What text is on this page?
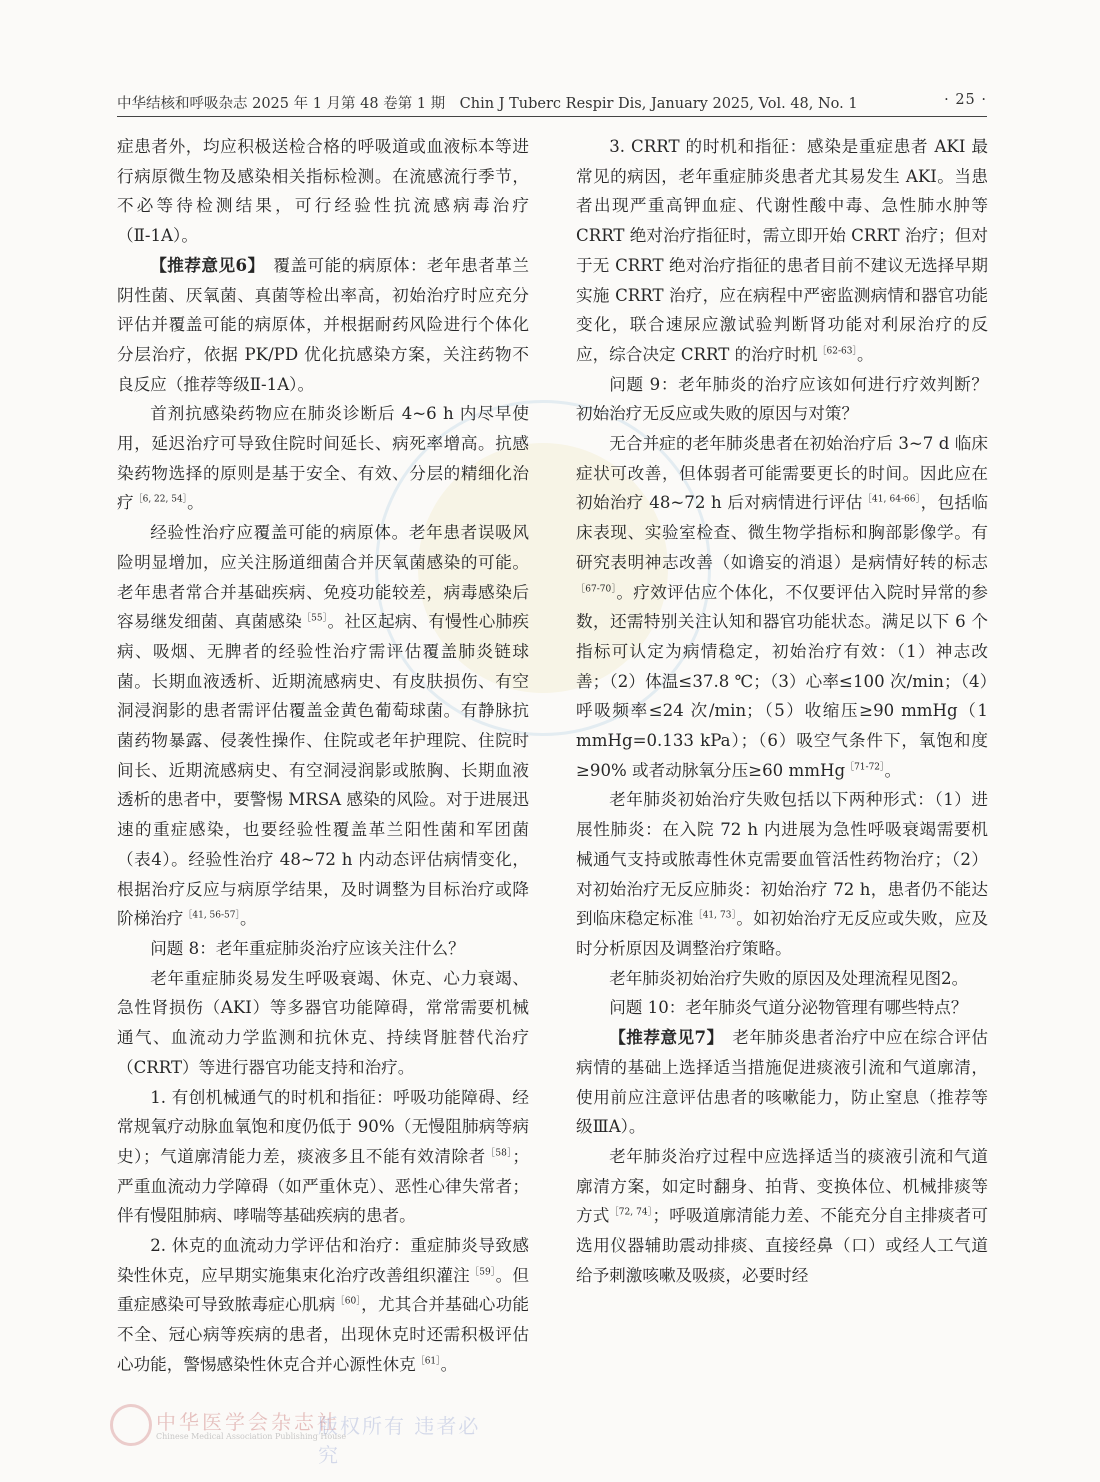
中华结核和呼吸杂志 2025 年 1 月第 48 卷第 1 期　Chin J Tuberc Respir Dis, January 2025, Vol. 48, No. 1	· 25 ·

症患者外，均应积极送检合格的呼吸道或血液标本等进行病原微生物及感染相关指标检测。在流感流行季节，不必等待检测结果，可行经验性抗流感病毒治疗（Ⅱ-1A）。

【推荐意见6】　覆盖可能的病原体：老年患者革兰阴性菌、厌氧菌、真菌等检出率高，初始治疗时应充分评估并覆盖可能的病原体，并根据耐药风险进行个体化分层治疗，依据 PK/PD 优化抗感染方案，关注药物不良反应（推荐等级Ⅱ-1A）。

首剂抗感染药物应在肺炎诊断后 4~6 h 内尽早使用，延迟治疗可导致住院时间延长、病死率增高。抗感染药物选择的原则是基于安全、有效、分层的精细化治疗$^{[6, 22, 54]}$。

经验性治疗应覆盖可能的病原体。老年患者误吸风险明显增加，应关注肠道细菌合并厌氧菌感染的可能。老年患者常合并基础疾病、免疫功能较差，病毒感染后容易继发细菌、真菌感染$^{[55]}$。社区起病、有慢性心肺疾病、吸烟、无脾者的经验性治疗需评估覆盖肺炎链球菌。长期血液透析、近期流感病史、有皮肤损伤、有空洞浸润影的患者需评估覆盖金黄色葡萄球菌。有静脉抗菌药物暴露、侵袭性操作、住院或老年护理院、住院时间长、近期流感病史、有空洞浸润影或脓胸、长期血液透析的患者中，要警惕 MRSA 感染的风险。对于进展迅速的重症感染，也要经验性覆盖革兰阳性菌和军团菌（表4）。经验性治疗 48~72 h 内动态评估病情变化，根据治疗反应与病原学结果，及时调整为目标治疗或降阶梯治疗$^{[41, 56-57]}$。

问题 8：老年重症肺炎治疗应该关注什么？

老年重症肺炎易发生呼吸衰竭、休克、心力衰竭、急性肾损伤（AKI）等多器官功能障碍，常常需要机械通气、血流动力学监测和抗休克、持续肾脏替代治疗（CRRT）等进行器官功能支持和治疗。

1. 有创机械通气的时机和指征：呼吸功能障碍、经常规氧疗动脉血氧饱和度仍低于 90%（无慢阻肺病等病史）；气道廓清能力差，痰液多且不能有效清除者$^{[58]}$；严重血流动力学障碍（如严重休克）、恶性心律失常者；伴有慢阻肺病、哮喘等基础疾病的患者。

2. 休克的血流动力学评估和治疗：重症肺炎导致感染性休克，应早期实施集束化治疗改善组织灌注$^{[59]}$。但重症感染可导致脓毒症心肌病$^{[60]}$，尤其合并基础心功能不全、冠心病等疾病的患者，出现休克时还需积极评估心功能，警惕感染性休克合并心源性休克$^{[61]}$。

3. CRRT 的时机和指征：感染是重症患者 AKI 最常见的病因，老年重症肺炎患者尤其易发生 AKI。当患者出现严重高钾血症、代谢性酸中毒、急性肺水肿等 CRRT 绝对治疗指征时，需立即开始 CRRT 治疗；但对于无 CRRT 绝对治疗指征的患者目前不建议无选择早期实施 CRRT 治疗，应在病程中严密监测病情和器官功能变化，联合速尿应激试验判断肾功能对利尿治疗的反应，综合决定 CRRT 的治疗时机$^{[62-63]}$。

问题 9：老年肺炎的治疗应该如何进行疗效判断？ 初始治疗无反应或失败的原因与对策？

无合并症的老年肺炎患者在初始治疗后 3~7 d 临床症状可改善，但体弱者可能需要更长的时间。因此应在初始治疗 48~72 h 后对病情进行评估$^{[41, 64-66]}$，包括临床表现、实验室检查、微生物学指标和胸部影像学。有研究表明神志改善（如谵妄的消退）是病情好转的标志$^{[67-70]}$。疗效评估应个体化，不仅要评估入院时异常的参数，还需特别关注认知和器官功能状态。满足以下 6 个指标可认定为病情稳定，初始治疗有效：（1）神志改善；（2）体温≤37.8 ℃；（3）心率≤100 次/min；（4）呼吸频率≤24 次/min；（5）收缩压≥90 mmHg（1 mmHg=0.133 kPa）；（6）吸空气条件下，氧饱和度≥90% 或者动脉氧分压≥60 mmHg$^{[71-72]}$。

老年肺炎初始治疗失败包括以下两种形式：（1）进展性肺炎：在入院 72 h 内进展为急性呼吸衰竭需要机械通气支持或脓毒性休克需要血管活性药物治疗；（2）对初始治疗无反应肺炎：初始治疗 72 h，患者仍不能达到临床稳定标准$^{[41, 73]}$。如初始治疗无反应或失败，应及时分析原因及调整治疗策略。

老年肺炎初始治疗失败的原因及处理流程见图2。

问题 10：老年肺炎气道分泌物管理有哪些特点？

【推荐意见7】　老年肺炎患者治疗中应在综合评估病情的基础上选择适当措施促进痰液引流和气道廓清，使用前应注意评估患者的咳嗽能力，防止窒息（推荐等级ⅢA）。

老年肺炎治疗过程中应选择适当的痰液引流和气道廓清方案，如定时翻身、拍背、变换体位、机械排痰等方式$^{[72, 74]}$；呼吸道廓清能力差、不能充分自主排痰者可选用仪器辅助震动排痰、直接经鼻（口）或经人工气道给予刺激咳嗽及吸痰，必要时经

中华医学会杂志社
Chinese Medical Association Publishing House
版权所有 违者必究
